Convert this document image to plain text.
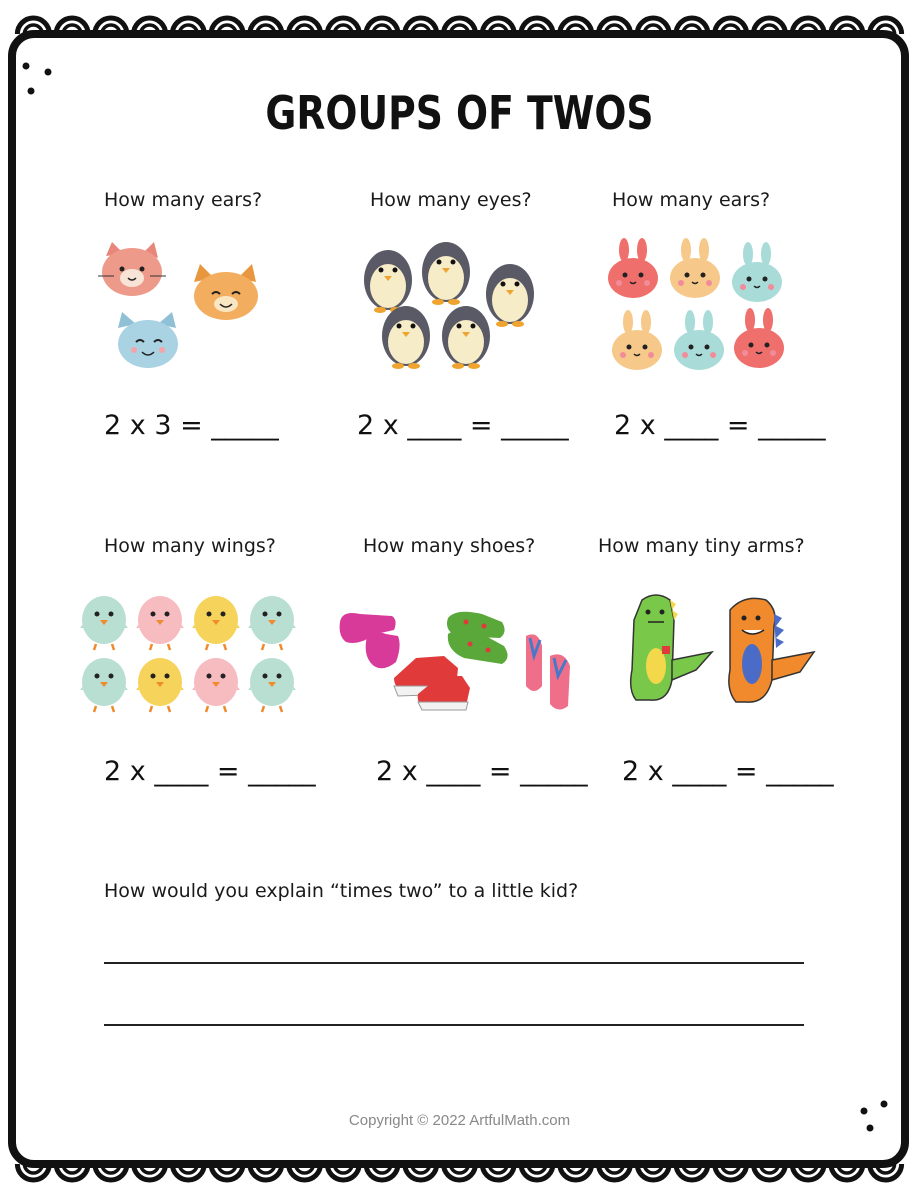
GROUPS OF TWOS
How many ears?	How many eyes?	How many ears?
2 x 3 = _____	2 x ____ = _____ 2 x ____ = _____
How many wings?	How many shoes?	How many tiny arms?
2 x ____ = _____ 2 x ____ = _____ 2 x ____ = _____
How would you explain “times two” to a little kid?
Copyright © 2022 ArtfulMath.com
